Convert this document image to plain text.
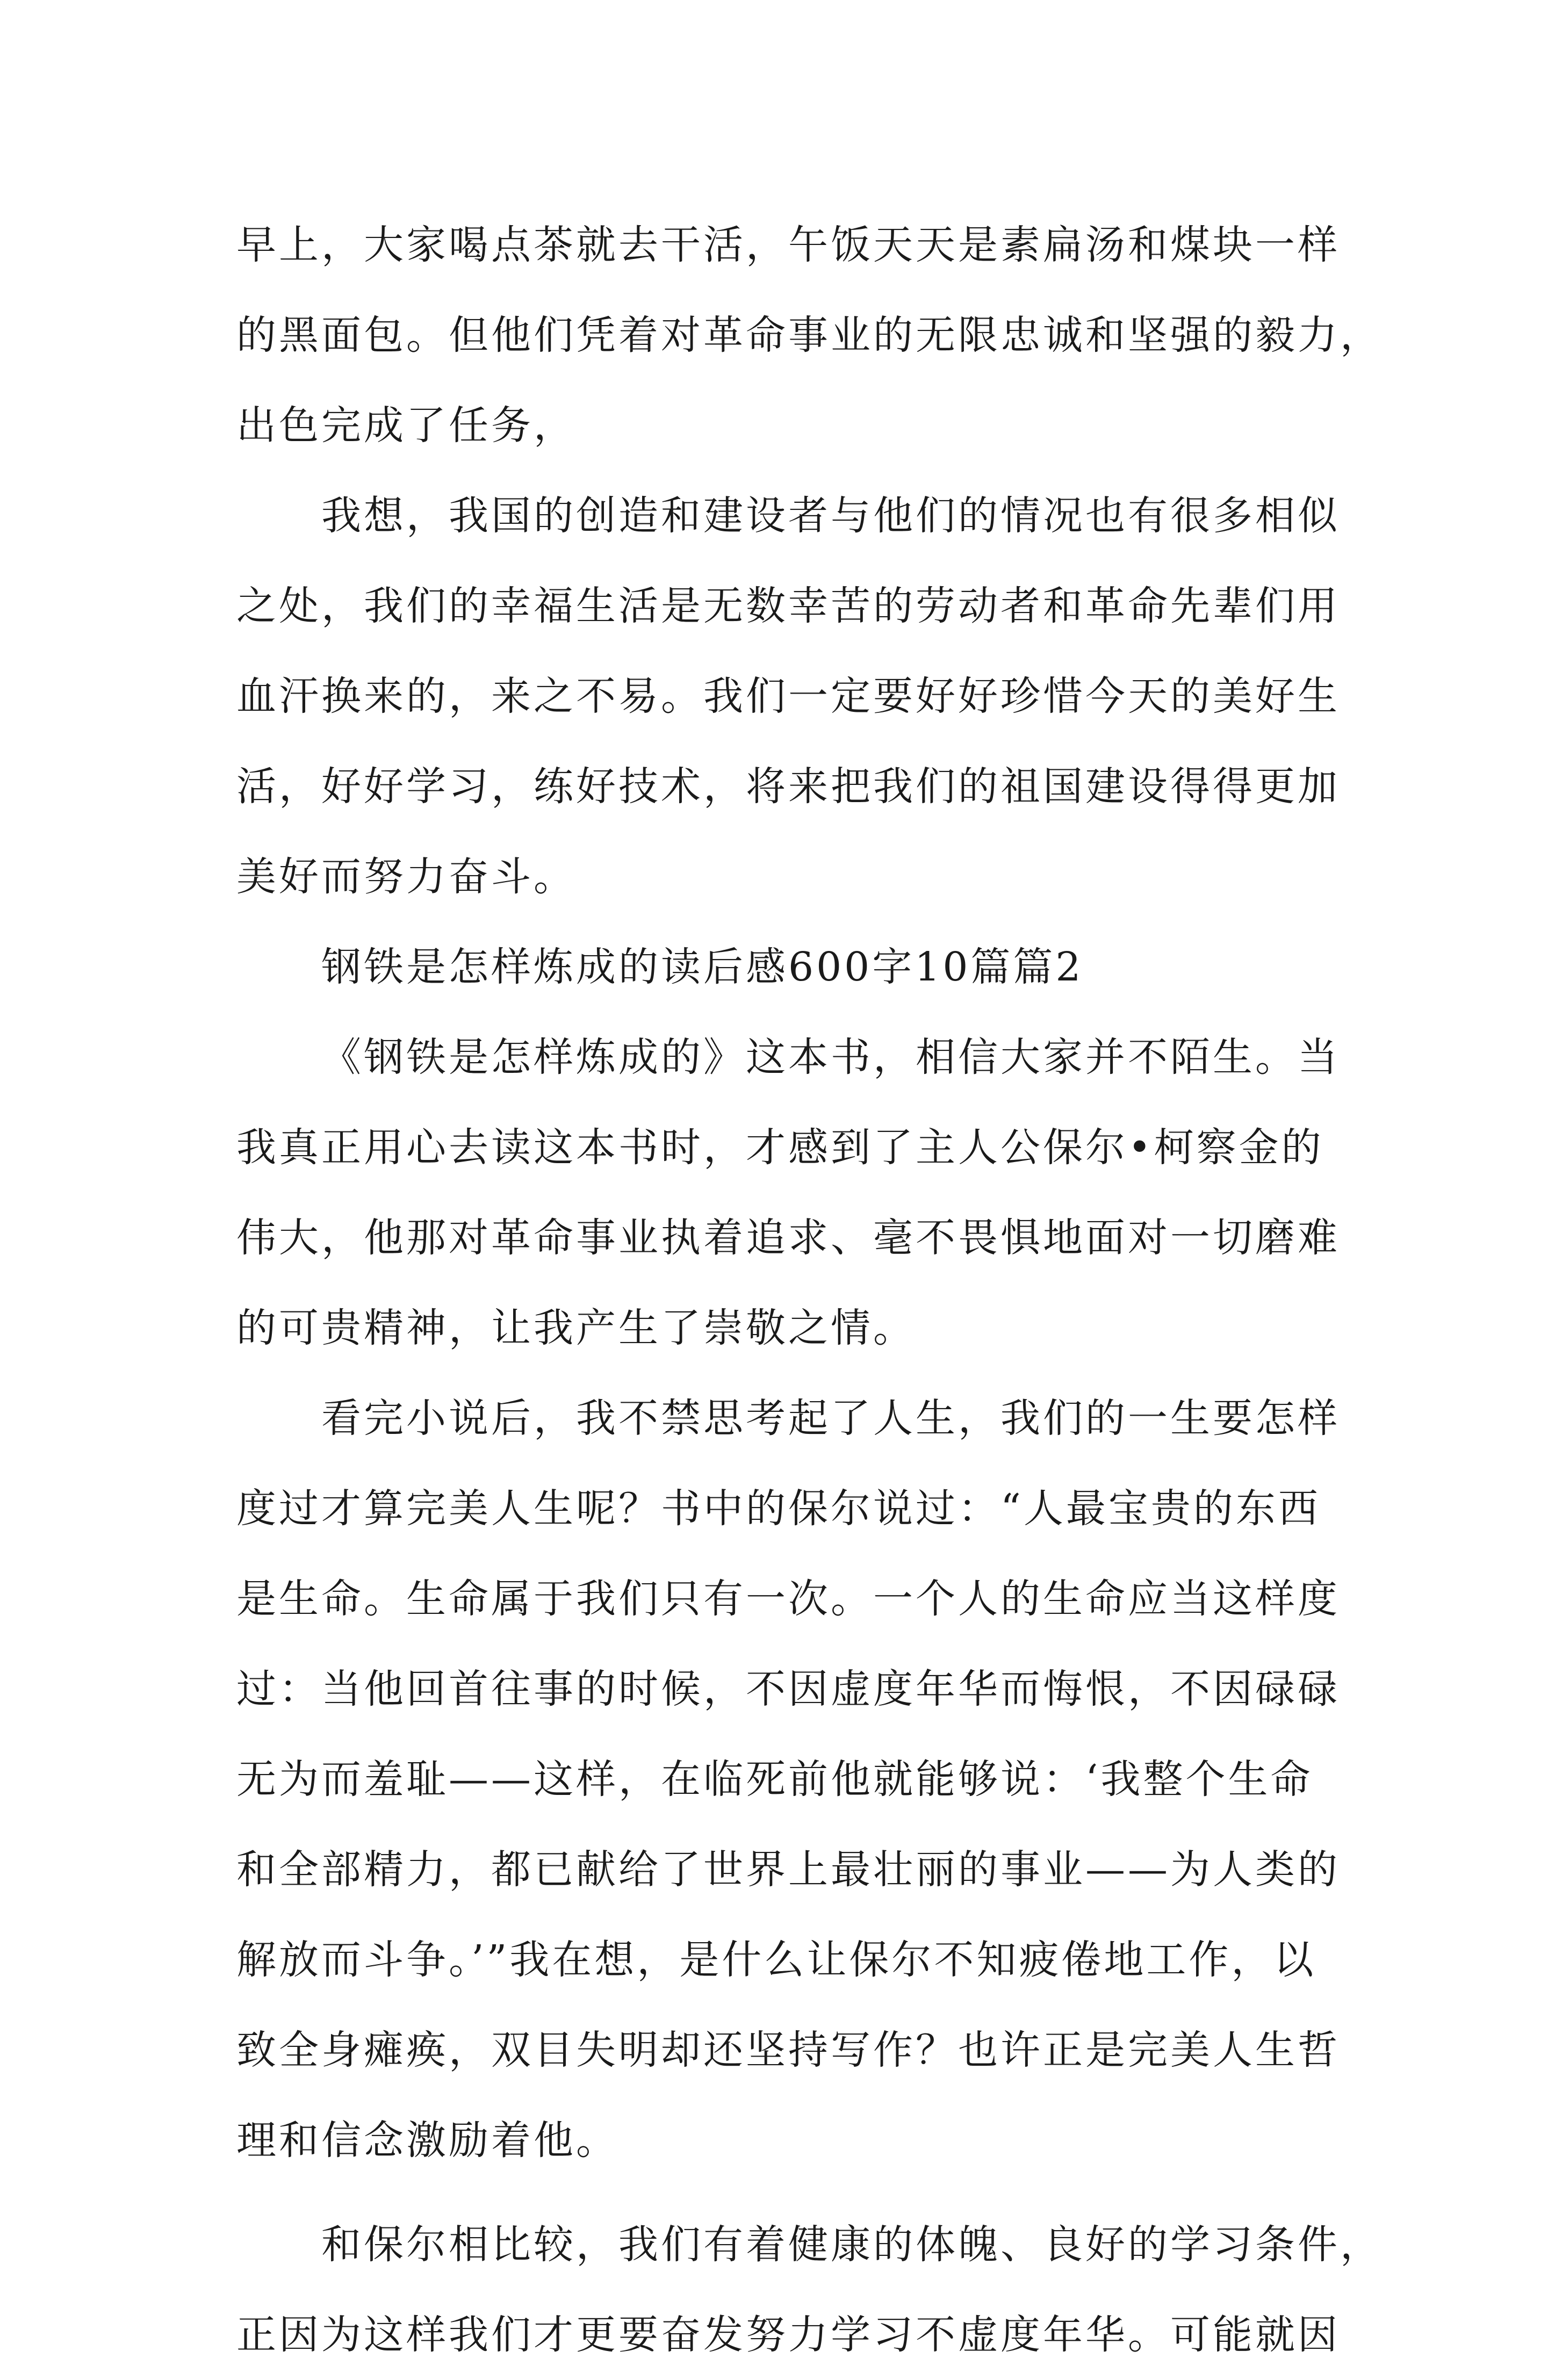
早上，大家喝点茶就去干活，午饭天天是素扁汤和煤块一样
的黑面包。但他们凭着对革命事业的无限忠诚和坚强的毅力，
出色完成了任务，
我想，我国的创造和建设者与他们的情况也有很多相似
之处，我们的幸福生活是无数幸苦的劳动者和革命先辈们用
血汗换来的，来之不易。我们一定要好好珍惜今天的美好生
活，好好学习，练好技术，将来把我们的祖国建设得得更加
美好而努力奋斗。
钢铁是怎样炼成的读后感600字10篇篇2
《钢铁是怎样炼成的》这本书，相信大家并不陌生。当
我真正用心去读这本书时，才感到了主人公保尔•柯察金的
伟大，他那对革命事业执着追求、毫不畏惧地面对一切磨难
的可贵精神，让我产生了崇敬之情。
看完小说后，我不禁思考起了人生，我们的一生要怎样
度过才算完美人生呢？书中的保尔说过：“人最宝贵的东西
是生命。生命属于我们只有一次。一个人的生命应当这样度
过：当他回首往事的时候，不因虚度年华而悔恨，不因碌碌
无为而羞耻——这样，在临死前他就能够说：‘我整个生命
和全部精力，都已献给了世界上最壮丽的事业——为人类的
解放而斗争。’”我在想，是什么让保尔不知疲倦地工作，以
致全身瘫痪，双目失明却还坚持写作？也许正是完美人生哲
理和信念激励着他。
和保尔相比较，我们有着健康的体魄、良好的学习条件，
正因为这样我们才更要奋发努力学习不虚度年华。可能就因
